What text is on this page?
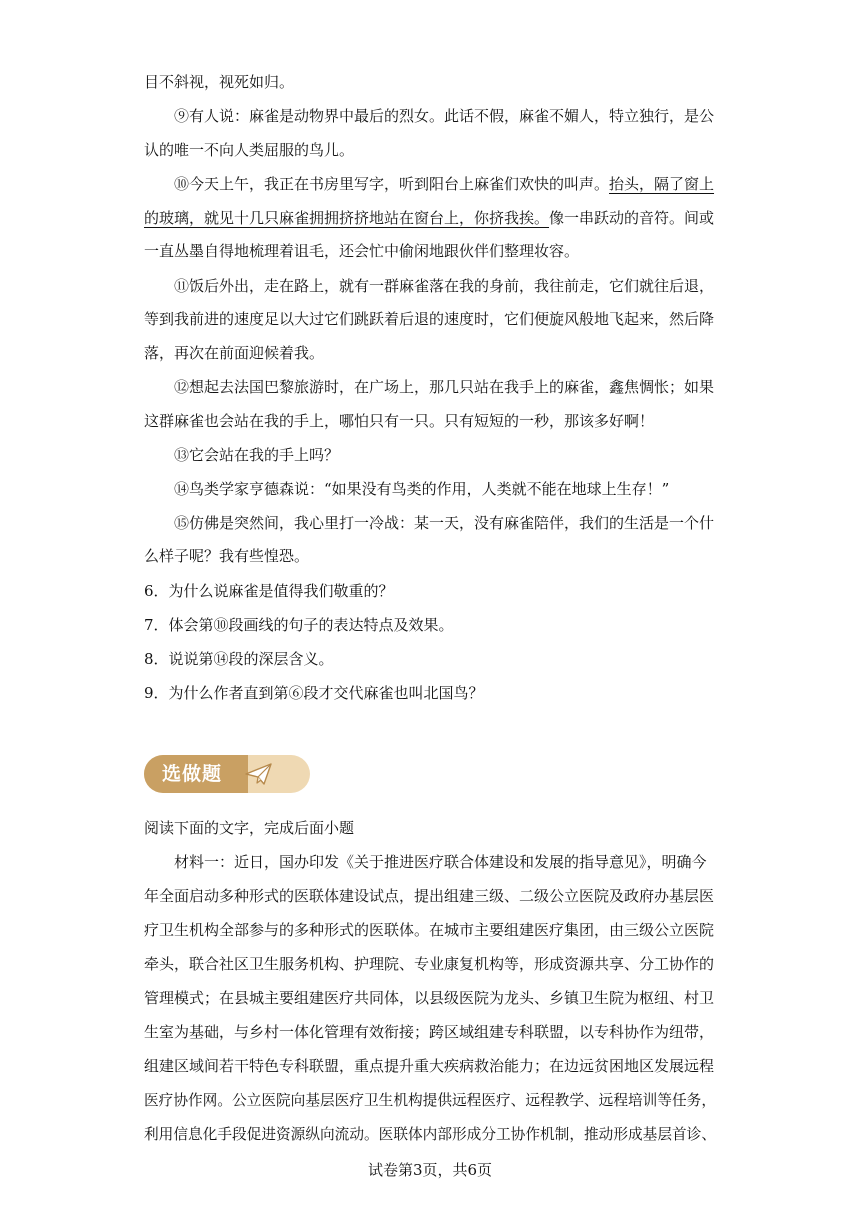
目不斜视，视死如归。
⑨有人说：麻雀是动物界中最后的烈女。此话不假，麻雀不媚人，特立独行，是公
认的唯一不向人类屈服的鸟儿。
⑩今天上午，我正在书房里写字，听到阳台上麻雀们欢快的叫声。抬头，隔了窗上
的玻璃，就见十几只麻雀拥拥挤挤地站在窗台上，你挤我挨。像一串跃动的音符。间或
一直丛墨自得地梳理着诅毛，还会忙中偷闲地跟伙伴们整理妆容。
⑪饭后外出，走在路上，就有一群麻雀落在我的身前，我往前走，它们就往后退，
等到我前进的速度足以大过它们跳跃着后退的速度时，它们便旋风般地飞起来，然后降
落，再次在前面迎候着我。
⑫想起去法国巴黎旅游时，在广场上，那几只站在我手上的麻雀，鑫焦惆怅；如果
这群麻雀也会站在我的手上，哪怕只有一只。只有短短的一秒，那该多好啊！
⑬它会站在我的手上吗？
⑭鸟类学家亨德森说：“如果没有鸟类的作用，人类就不能在地球上生存！”
⑮仿佛是突然间，我心里打一冷战：某一天，没有麻雀陪伴，我们的生活是一个什
么样子呢？我有些惶恐。
6．为什么说麻雀是值得我们敬重的？
7．体会第⑩段画线的句子的表达特点及效果。
8．说说第⑭段的深层含义。
9．为什么作者直到第⑥段才交代麻雀也叫北国鸟？
选做题
阅读下面的文字，完成后面小题
材料一：近日，国办印发《关于推进医疗联合体建设和发展的指导意见》，明确今
年全面启动多种形式的医联体建设试点，提出组建三级、二级公立医院及政府办基层医
疗卫生机构全部参与的多种形式的医联体。在城市主要组建医疗集团，由三级公立医院
牵头，联合社区卫生服务机构、护理院、专业康复机构等，形成资源共享、分工协作的
管理模式；在县城主要组建医疗共同体，以县级医院为龙头、乡镇卫生院为枢纽、村卫
生室为基础，与乡村一体化管理有效衔接；跨区域组建专科联盟，以专科协作为纽带，
组建区域间若干特色专科联盟，重点提升重大疾病救治能力；在边远贫困地区发展远程
医疗协作网。公立医院向基层医疗卫生机构提供远程医疗、远程教学、远程培训等任务，
利用信息化手段促进资源纵向流动。医联体内部形成分工协作机制，推动形成基层首诊、
试卷第3页，共6页
